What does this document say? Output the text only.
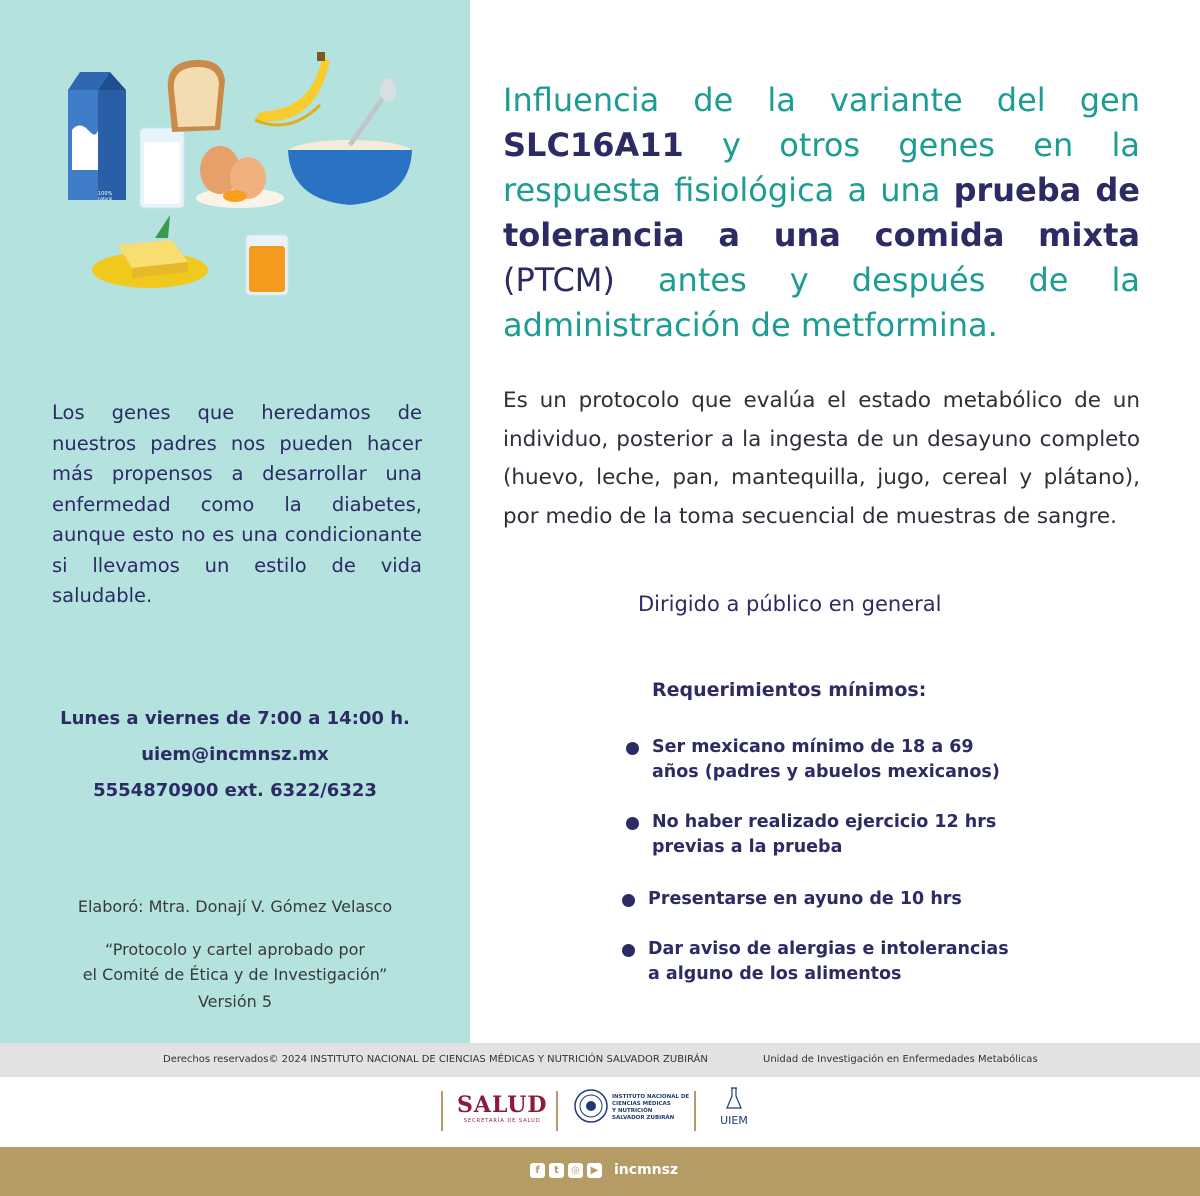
100%
natural
Los genes que heredamos de nuestros padres nos pueden hacer más propensos a desarrollar una enfermedad como la diabetes, aunque esto no es una condicionante si llevamos un estilo de vida saludable.
Lunes a viernes de 7:00 a 14:00 h.
uiem@incmnsz.mx
5554870900 ext. 6322/6323
Elaboró: Mtra. Donají V. Gómez Velasco
“Protocolo y cartel aprobado por
el Comité de Ética y de Investigación”
Versión 5
Influencia de la variante del gen SLC16A11 y otros genes en la respuesta fisiológica a una prueba de tolerancia a una comida mixta (PTCM) antes y después de la administración de metformina.
Es un protocolo que evalúa el estado metabólico de un individuo, posterior a la ingesta de un desayuno completo (huevo, leche, pan, mantequilla, jugo, cereal y plátano), por medio de la toma secuencial de muestras de sangre.
Dirigido a público en general
Requerimientos mínimos:
Ser mexicano mínimo de 18 a 69
años (padres y abuelos mexicanos)
No haber realizado ejercicio 12 hrs
previas a la prueba
Presentarse en ayuno de 10 hrs
Dar aviso de alergias e intolerancias
a alguno de los alimentos
Derechos reservados© 2024 INSTITUTO NACIONAL DE CIENCIAS MÉDICAS Y NUTRICIÓN SALVADOR ZUBIRÁN	Unidad de Investigación en Enfermedades Metabólicas
SALUD
SECRETARÍA DE SALUD
INSTITUTO NACIONAL DE
CIENCIAS MÉDICAS
Y NUTRICIÓN
SALVADOR ZUBIRÁN	UIEM
f	t	◎	▶ incmnsz
